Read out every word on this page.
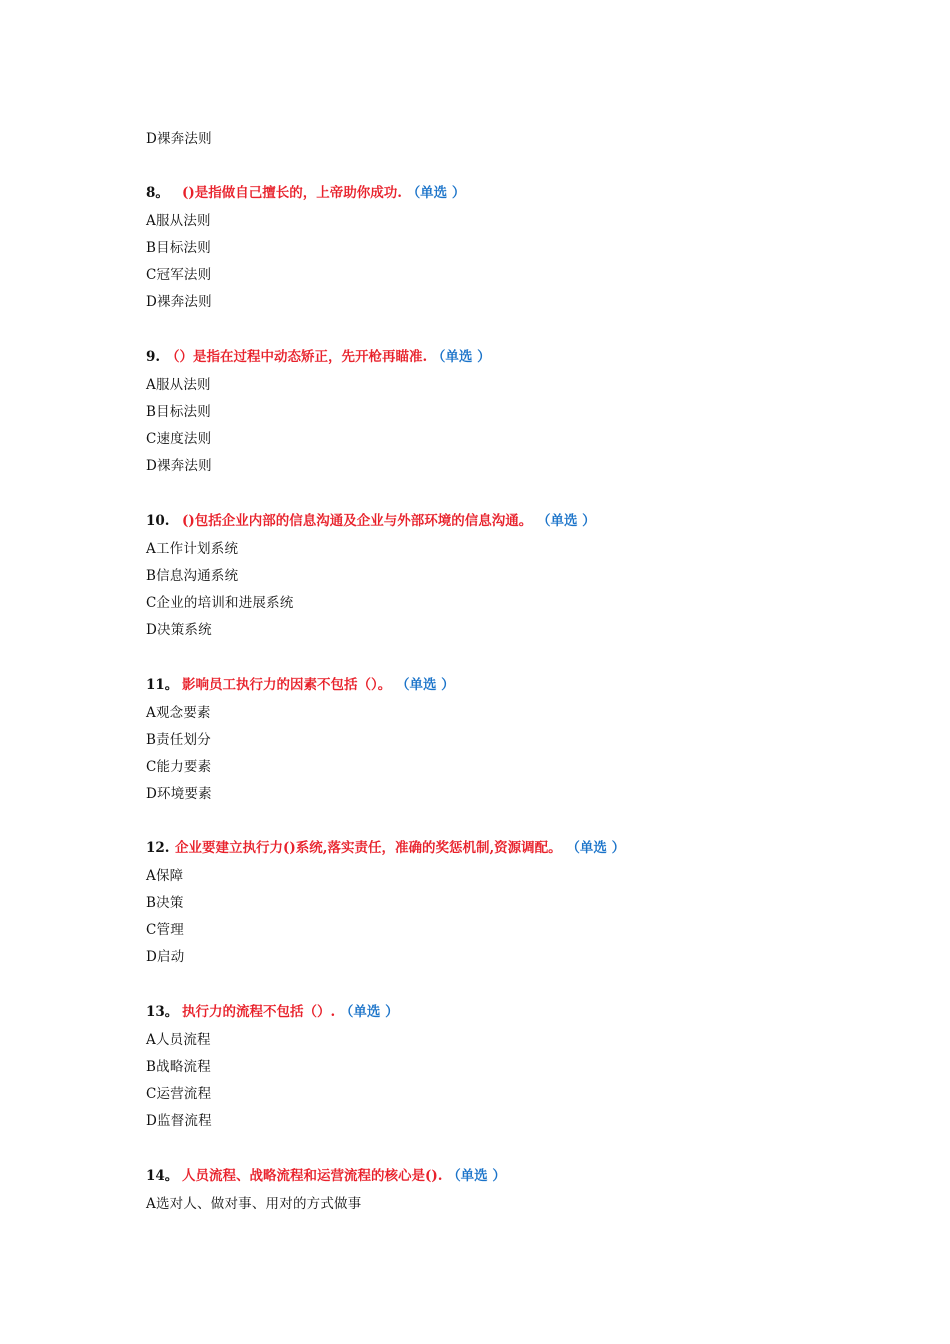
D裸奔法则
8。 ()是指做自己擅长的，上帝助你成功. （单选 ）
A服从法则
B目标法则
C冠军法则
D裸奔法则
9. （）是指在过程中动态矫正，先开枪再瞄准. （单选 ）
A服从法则
B目标法则
C速度法则
D裸奔法则
10. ()包括企业内部的信息沟通及企业与外部环境的信息沟通。 （单选 ）
A工作计划系统
B信息沟通系统
C企业的培训和进展系统
D决策系统
11。 影响员工执行力的因素不包括（）。 （单选 ）
A观念要素
B责任划分
C能力要素
D环境要素
12. 企业要建立执行力()系统,落实责任，准确的奖惩机制,资源调配。 （单选 ）
A保障
B决策
C管理
D启动
13。 执行力的流程不包括（）. （单选 ）
A人员流程
B战略流程
C运营流程
D监督流程
14。 人员流程、战略流程和运营流程的核心是(). （单选 ）
A选对人、做对事、用对的方式做事
